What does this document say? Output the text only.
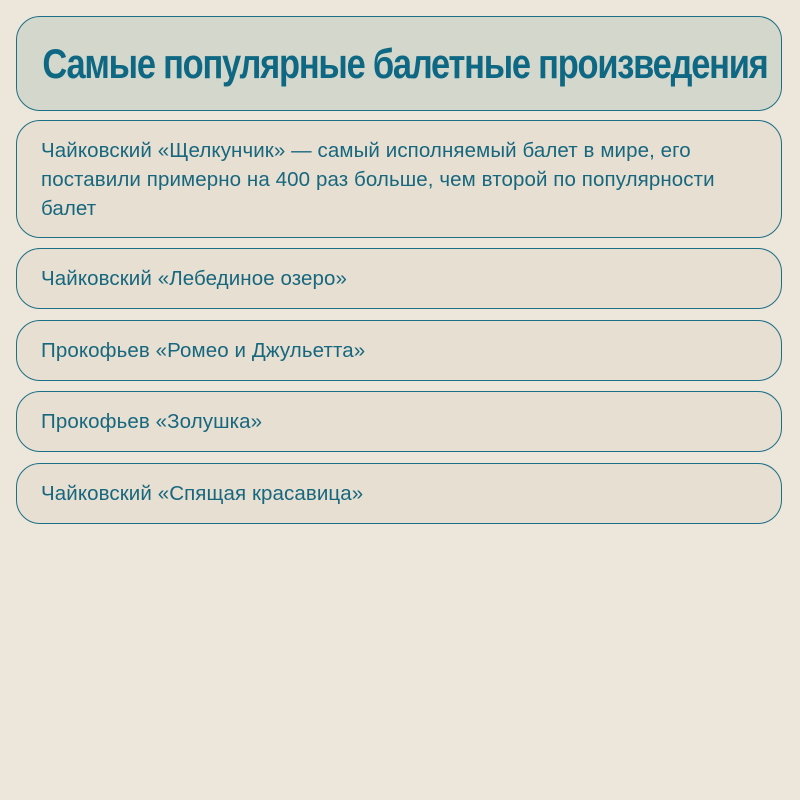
Самые популярные балетные произведения
Чайковский «Щелкунчик» — самый исполняемый балет в мире, его поставили примерно на 400 раз больше, чем второй по популярности балет
Чайковский «Лебединое озеро»
Прокофьев «Ромео и Джульетта»
Прокофьев «Золушка»
Чайковский «Спящая красавица»
